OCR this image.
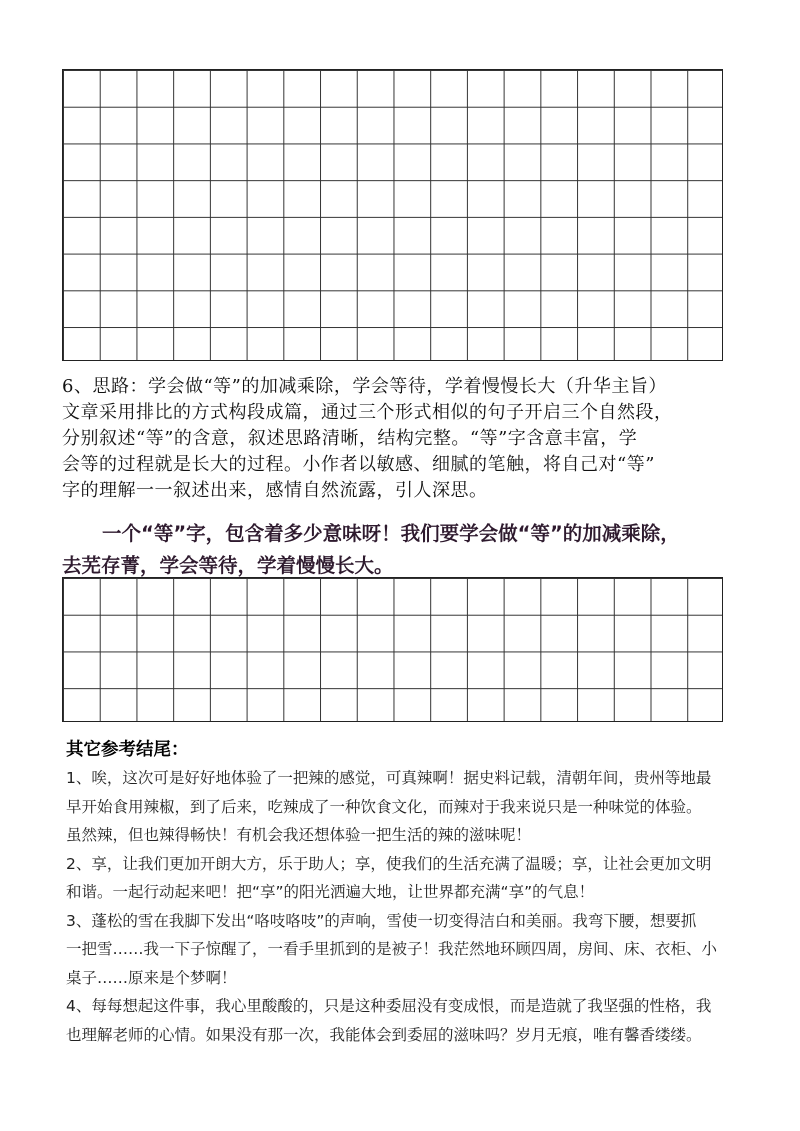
6、思路：学会做“等”的加减乘除，学会等待，学着慢慢长大（升华主旨）
文章采用排比的方式构段成篇，通过三个形式相似的句子开启三个自然段，
分别叙述“等”的含意，叙述思路清晰，结构完整。“等”字含意丰富，学
会等的过程就是长大的过程。小作者以敏感、细腻的笔触，将自己对“等”
字的理解一一叙述出来，感情自然流露，引人深思。
一个“等”字，包含着多少意味呀！我们要学会做“等”的加减乘除，
去芜存菁，学会等待，学着慢慢长大。
其它参考结尾：
1、唉，这次可是好好地体验了一把辣的感觉，可真辣啊！据史料记载，清朝年间，贵州等地最
早开始食用辣椒，到了后来，吃辣成了一种饮食文化，而辣对于我来说只是一种味觉的体验。
虽然辣，但也辣得畅快！有机会我还想体验一把生活的辣的滋味呢！
2、享，让我们更加开朗大方，乐于助人；享，使我们的生活充满了温暖；享，让社会更加文明
和谐。一起行动起来吧！把“享”的阳光洒遍大地，让世界都充满“享”的气息！
3、蓬松的雪在我脚下发出“咯吱咯吱”的声响，雪使一切变得洁白和美丽。我弯下腰，想要抓
一把雪……我一下子惊醒了，一看手里抓到的是被子！我茫然地环顾四周，房间、床、衣柜、小
桌子……原来是个梦啊！
4、每每想起这件事，我心里酸酸的，只是这种委屈没有变成恨，而是造就了我坚强的性格，我
也理解老师的心情。如果没有那一次，我能体会到委屈的滋味吗？岁月无痕，唯有馨香缕缕。
